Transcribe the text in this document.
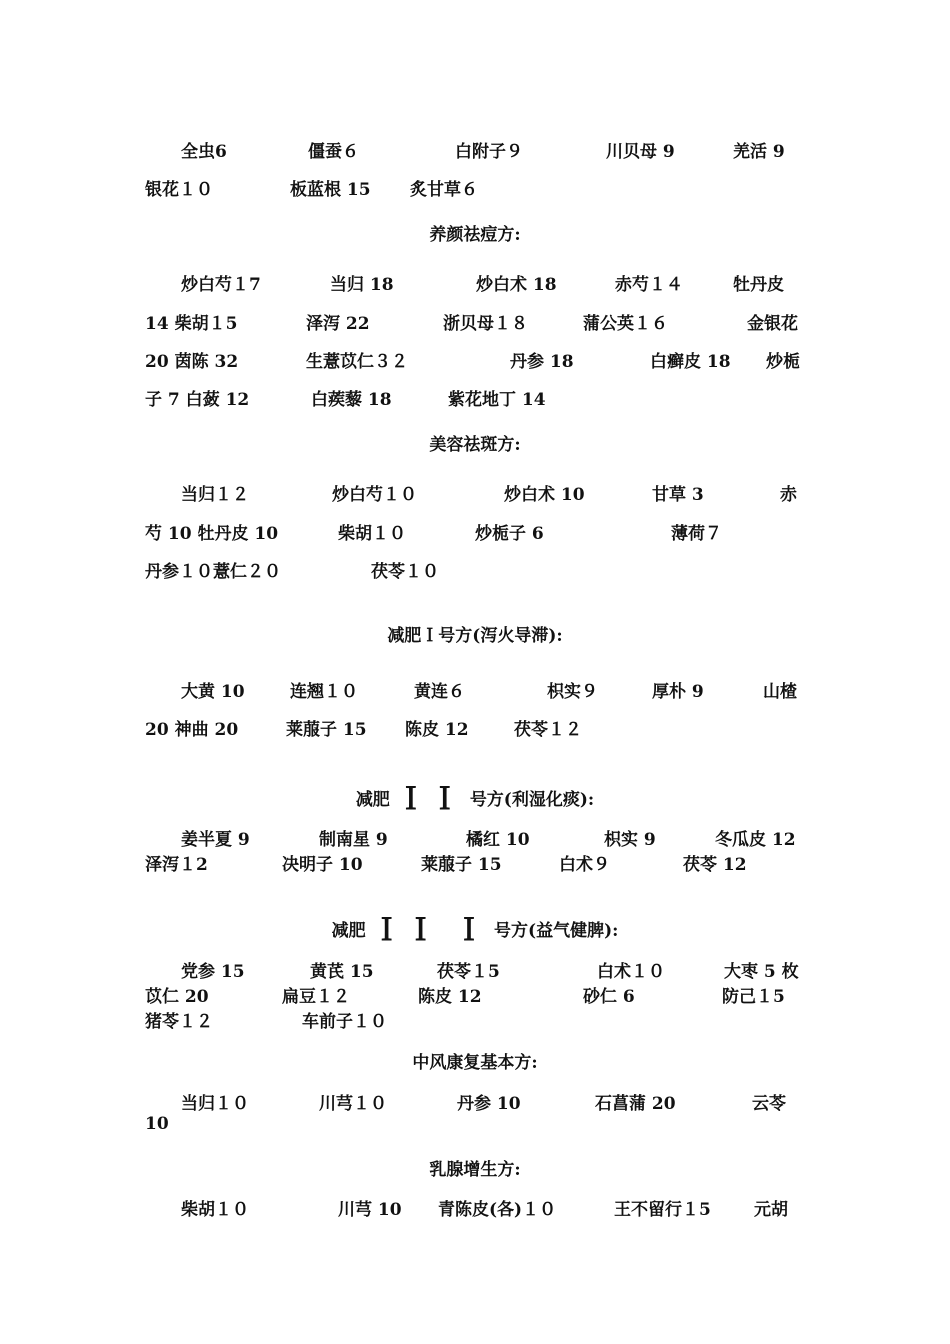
全虫6	僵蚕６	白附子９	川贝母 9	羌活 9
银花１０	板蓝根 15 炙甘草６
养颜祛痘方:
炒白芍１7	当归 18	炒白术 18	赤芍１４	牡丹皮
14 柴胡１5	泽泻 22	浙贝母１８	蒲公英１６	金银花
20 茵陈 32	生薏苡仁３２	丹参 18	白癣皮 18 炒栀
子 7 白蔹 12	白蒺藜 18	紫花地丁 14
美容祛斑方:
当归１２	炒白芍１０	炒白术 10	甘草 3	赤
芍 10 牡丹皮 10	柴胡１０	炒栀子 6	薄荷７
丹参１０薏仁２０	茯苓１０
减肥Ｉ号方(泻火导滞):
大黄 10	连翘１０	黄连６	枳实９	厚朴 9	山楂
20 神曲 20	莱菔子 15 陈皮 12	茯苓１２
减肥 ＩＩ 号方(利湿化痰):
姜半夏 9	制南星 9	橘红 10	枳实 9	冬瓜皮 12
泽泻１2	决明子 10	莱菔子 15	白术９	茯苓 12
减肥 ＩＩ Ｉ 号方(益气健脾):
党参 15	黄芪 15	茯苓１5	白术１０	大枣 5 枚
苡仁 20	扁豆１２	陈皮 12	砂仁 6	防己１5
猪苓１２	车前子１０
中风康复基本方:
当归１０	川芎１０	丹参 10	石菖蒲 20	云苓
10
乳腺增生方:
柴胡１０	川芎 10 青陈皮(各)１０	王不留行１5	元胡
